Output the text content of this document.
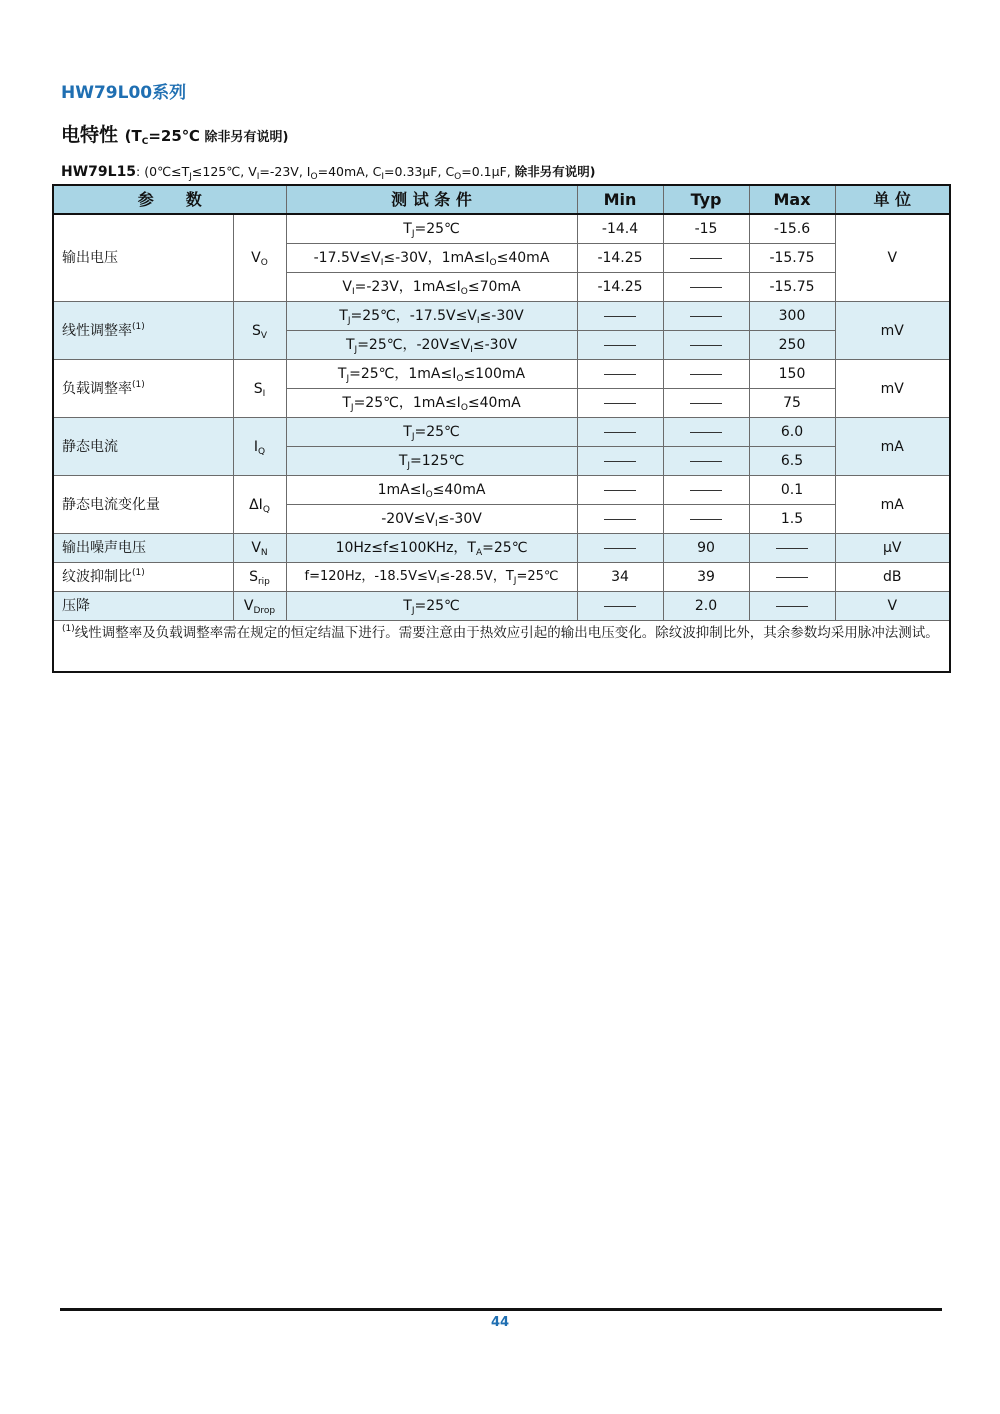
HW79L00系列
电特性 ($T_C=25℃$ 除非另有说明)
HW79L15: ($0℃\le T_J\le 125℃$, $V_I=-23V$, $I_O=40mA$, $C_I=0.33\mu F$, $C_O=0.1\mu F$, 除非另有说明)
参　　数		测 试 条 件	Min	Typ	Max	单 位
输出电压	$V_O$	$T_J=25℃$	-14.4	-15	-15.6	V
		$-17.5V\le V_I\le-30V$，$1mA\le I_O\le 40mA$	-14.25		-15.75	
		$V_I=-23V$，$1mA\le I_O\le 70mA$	-14.25		-15.75	
线性调整率$^{(1)}$	$S_V$	$T_J=25℃$，$-17.5V\le V_I\le-30V$			300	mV
		$T_J=25℃$，$-20V\le V_I\le-30V$			250	
负载调整率$^{(1)}$	$S_I$	$T_J=25℃$，$1mA\le I_O\le 100mA$			150	mV
		$T_J=25℃$，$1mA\le I_O\le 40mA$			75	
静态电流	$I_Q$	$T_J=25℃$			6.0	mA
		$T_J=125℃$			6.5	
静态电流变化量	$\Delta I_Q$	$1mA\le I_O\le 40mA$			0.1	mA
		$-20V\le V_I\le-30V$			1.5	
输出噪声电压	$V_N$	10Hz≤f≤100KHz，$T_A=25℃$		90		μV
纹波抑制比$^{(1)}$	$S_{rip}$	f=120Hz，$-18.5V\le V_I\le-28.5V$，$T_J=25℃$	34	39		dB
压降	$V_{Drop}$	$T_J=25℃$		2.0		V
$^{(1)}$线性调整率及负载调整率需在规定的恒定结温下进行。需要注意由于热效应引起的输出电压变化。除纹波抑制比外，其余参数均采用脉冲法测试。						
44
